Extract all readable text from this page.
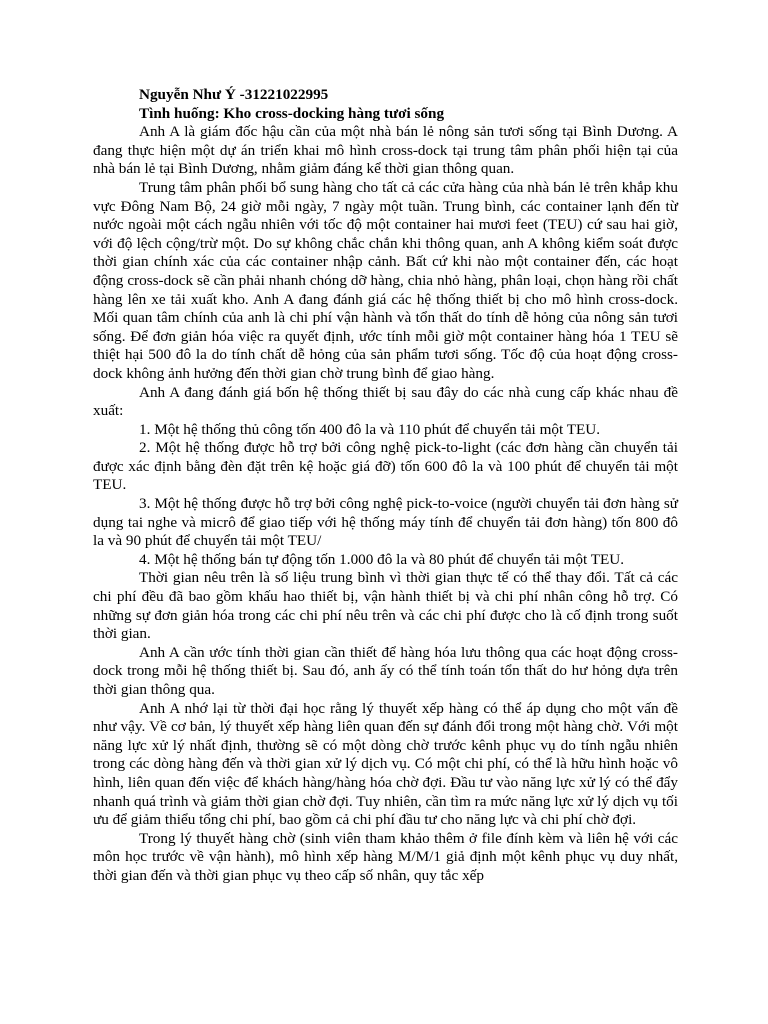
Nguyễn Như Ý -31221022995
Tình huống: Kho cross-docking hàng tươi sống

Anh A là giám đốc hậu cần của một nhà bán lẻ nông sản tươi sống tại Bình Dương. A đang thực hiện một dự án triển khai mô hình cross-dock tại trung tâm phân phối hiện tại của nhà bán lẻ tại Bình Dương, nhằm giảm đáng kể thời gian thông quan.

Trung tâm phân phối bổ sung hàng cho tất cả các cửa hàng của nhà bán lẻ trên khắp khu vực Đông Nam Bộ, 24 giờ mỗi ngày, 7 ngày một tuần. Trung bình, các container lạnh đến từ nước ngoài một cách ngẫu nhiên với tốc độ một container hai mươi feet (TEU) cứ sau hai giờ, với độ lệch cộng/trừ một. Do sự không chắc chắn khi thông quan, anh A không kiểm soát được thời gian chính xác của các container nhập cảnh. Bất cứ khi nào một container đến, các hoạt động cross-dock sẽ cần phải nhanh chóng dỡ hàng, chia nhỏ hàng, phân loại, chọn hàng rồi chất hàng lên xe tải xuất kho. Anh A đang đánh giá các hệ thống thiết bị cho mô hình cross-dock. Mối quan tâm chính của anh là chi phí vận hành và tổn thất do tính dễ hỏng của nông sản tươi sống. Để đơn giản hóa việc ra quyết định, ước tính mỗi giờ một container hàng hóa 1 TEU sẽ thiệt hại 500 đô la do tính chất dễ hỏng của sản phẩm tươi sống. Tốc độ của hoạt động cross-dock không ảnh hưởng đến thời gian chờ trung bình để giao hàng.

Anh A đang đánh giá bốn hệ thống thiết bị sau đây do các nhà cung cấp khác nhau đề xuất:

1. Một hệ thống thủ công tốn 400 đô la và 110 phút để chuyển tải một TEU.

2. Một hệ thống được hỗ trợ bởi công nghệ pick-to-light (các đơn hàng cần chuyển tải được xác định bằng đèn đặt trên kệ hoặc giá đỡ) tốn 600 đô la và 100 phút để chuyển tải một TEU.

3. Một hệ thống được hỗ trợ bởi công nghệ pick-to-voice (người chuyển tải đơn hàng sử dụng tai nghe và micrô để giao tiếp với hệ thống máy tính để chuyển tải đơn hàng) tốn 800 đô la và 90 phút để chuyển tải một TEU/

4. Một hệ thống bán tự động tốn 1.000 đô la và 80 phút để chuyển tải một TEU.

Thời gian nêu trên là số liệu trung bình vì thời gian thực tế có thể thay đổi. Tất cả các chi phí đều đã bao gồm khấu hao thiết bị, vận hành thiết bị và chi phí nhân công hỗ trợ. Có những sự đơn giản hóa trong các chi phí nêu trên và các chi phí được cho là cố định trong suốt thời gian.

Anh A cần ước tính thời gian cần thiết để hàng hóa lưu thông qua các hoạt động cross-dock trong mỗi hệ thống thiết bị. Sau đó, anh ấy có thể tính toán tổn thất do hư hỏng dựa trên thời gian thông qua.

Anh A nhớ lại từ thời đại học rằng lý thuyết xếp hàng có thể áp dụng cho một vấn đề như vậy. Về cơ bản, lý thuyết xếp hàng liên quan đến sự đánh đổi trong một hàng chờ. Với một năng lực xử lý nhất định, thường sẽ có một dòng chờ trước kênh phục vụ do tính ngẫu nhiên trong các dòng hàng đến và thời gian xử lý dịch vụ. Có một chi phí, có thể là hữu hình hoặc vô hình, liên quan đến việc để khách hàng/hàng hóa chờ đợi. Đầu tư vào năng lực xử lý có thể đẩy nhanh quá trình và giảm thời gian chờ đợi. Tuy nhiên, cần tìm ra mức năng lực xử lý dịch vụ tối ưu để giảm thiểu tổng chi phí, bao gồm cả chi phí đầu tư cho năng lực và chi phí chờ đợi.

Trong lý thuyết hàng chờ (sinh viên tham khảo thêm ở file đính kèm và liên hệ với các môn học trước về vận hành), mô hình xếp hàng M/M/1 giả định một kênh phục vụ duy nhất, thời gian đến và thời gian phục vụ theo cấp số nhân, quy tắc xếp
